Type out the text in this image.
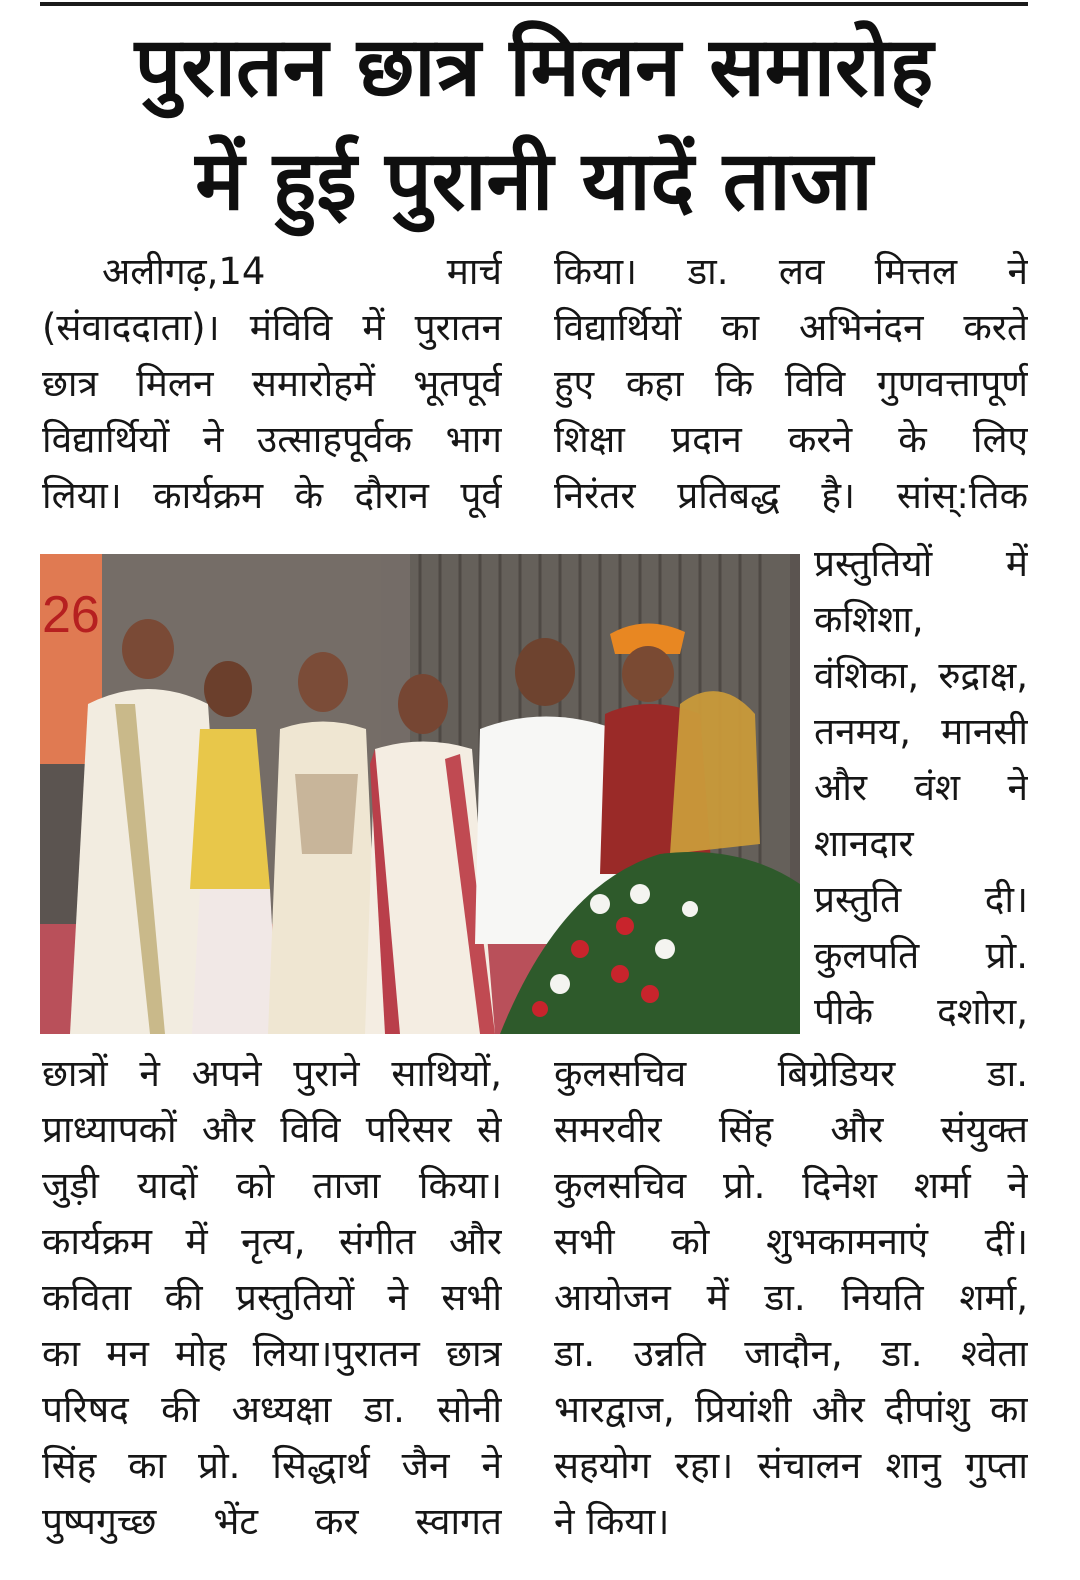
पुरातन छात्र मिलन समारोह
में हुई पुरानी यादें ताजा

अलीगढ़,14 मार्च

(संवाददाता)। मंविवि में पुरातन

छात्र मिलन समारोहमें भूतपूर्व

विद्यार्थियों ने उत्साहपूर्वक भाग

लिया। कार्यक्रम के दौरान पूर्व

किया। डा. लव मित्तल ने

विद्यार्थियों का अभिनंदन करते

हुए कहा कि विवि गुणवत्तापूर्ण

शिक्षा प्रदान करने के लिए

निरंतर प्रतिबद्ध है। सांस्:तिक

26

प्रस्तुतियों में

कशिशा,

वंशिका, रुद्राक्ष,

तनमय, मानसी

और वंश ने

शानदार

प्रस्तुति दी।

कुलपति प्रो.

पीके दशोरा,

छात्रों ने अपने पुराने साथियों,

प्राध्यापकों और विवि परिसर से

जुड़ी यादों को ताजा किया।

कार्यक्रम में नृत्य, संगीत और

कविता की प्रस्तुतियों ने सभी

का मन मोह लिया।पुरातन छात्र

परिषद की अध्यक्षा डा. सोनी

सिंह का प्रो. सिद्धार्थ जैन ने

पुष्पगुच्छ भेंट कर स्वागत

कुलसचिव बिग्रेडियर डा.

समरवीर सिंह और संयुक्त

कुलसचिव प्रो. दिनेश शर्मा ने

सभी को शुभकामनाएं दीं।

आयोजन में डा. नियति शर्मा,

डा. उन्नति जादौन, डा. श्वेता

भारद्वाज, प्रियांशी और दीपांशु का

सहयोग रहा। संचालन शानु गुप्ता

ने किया।
